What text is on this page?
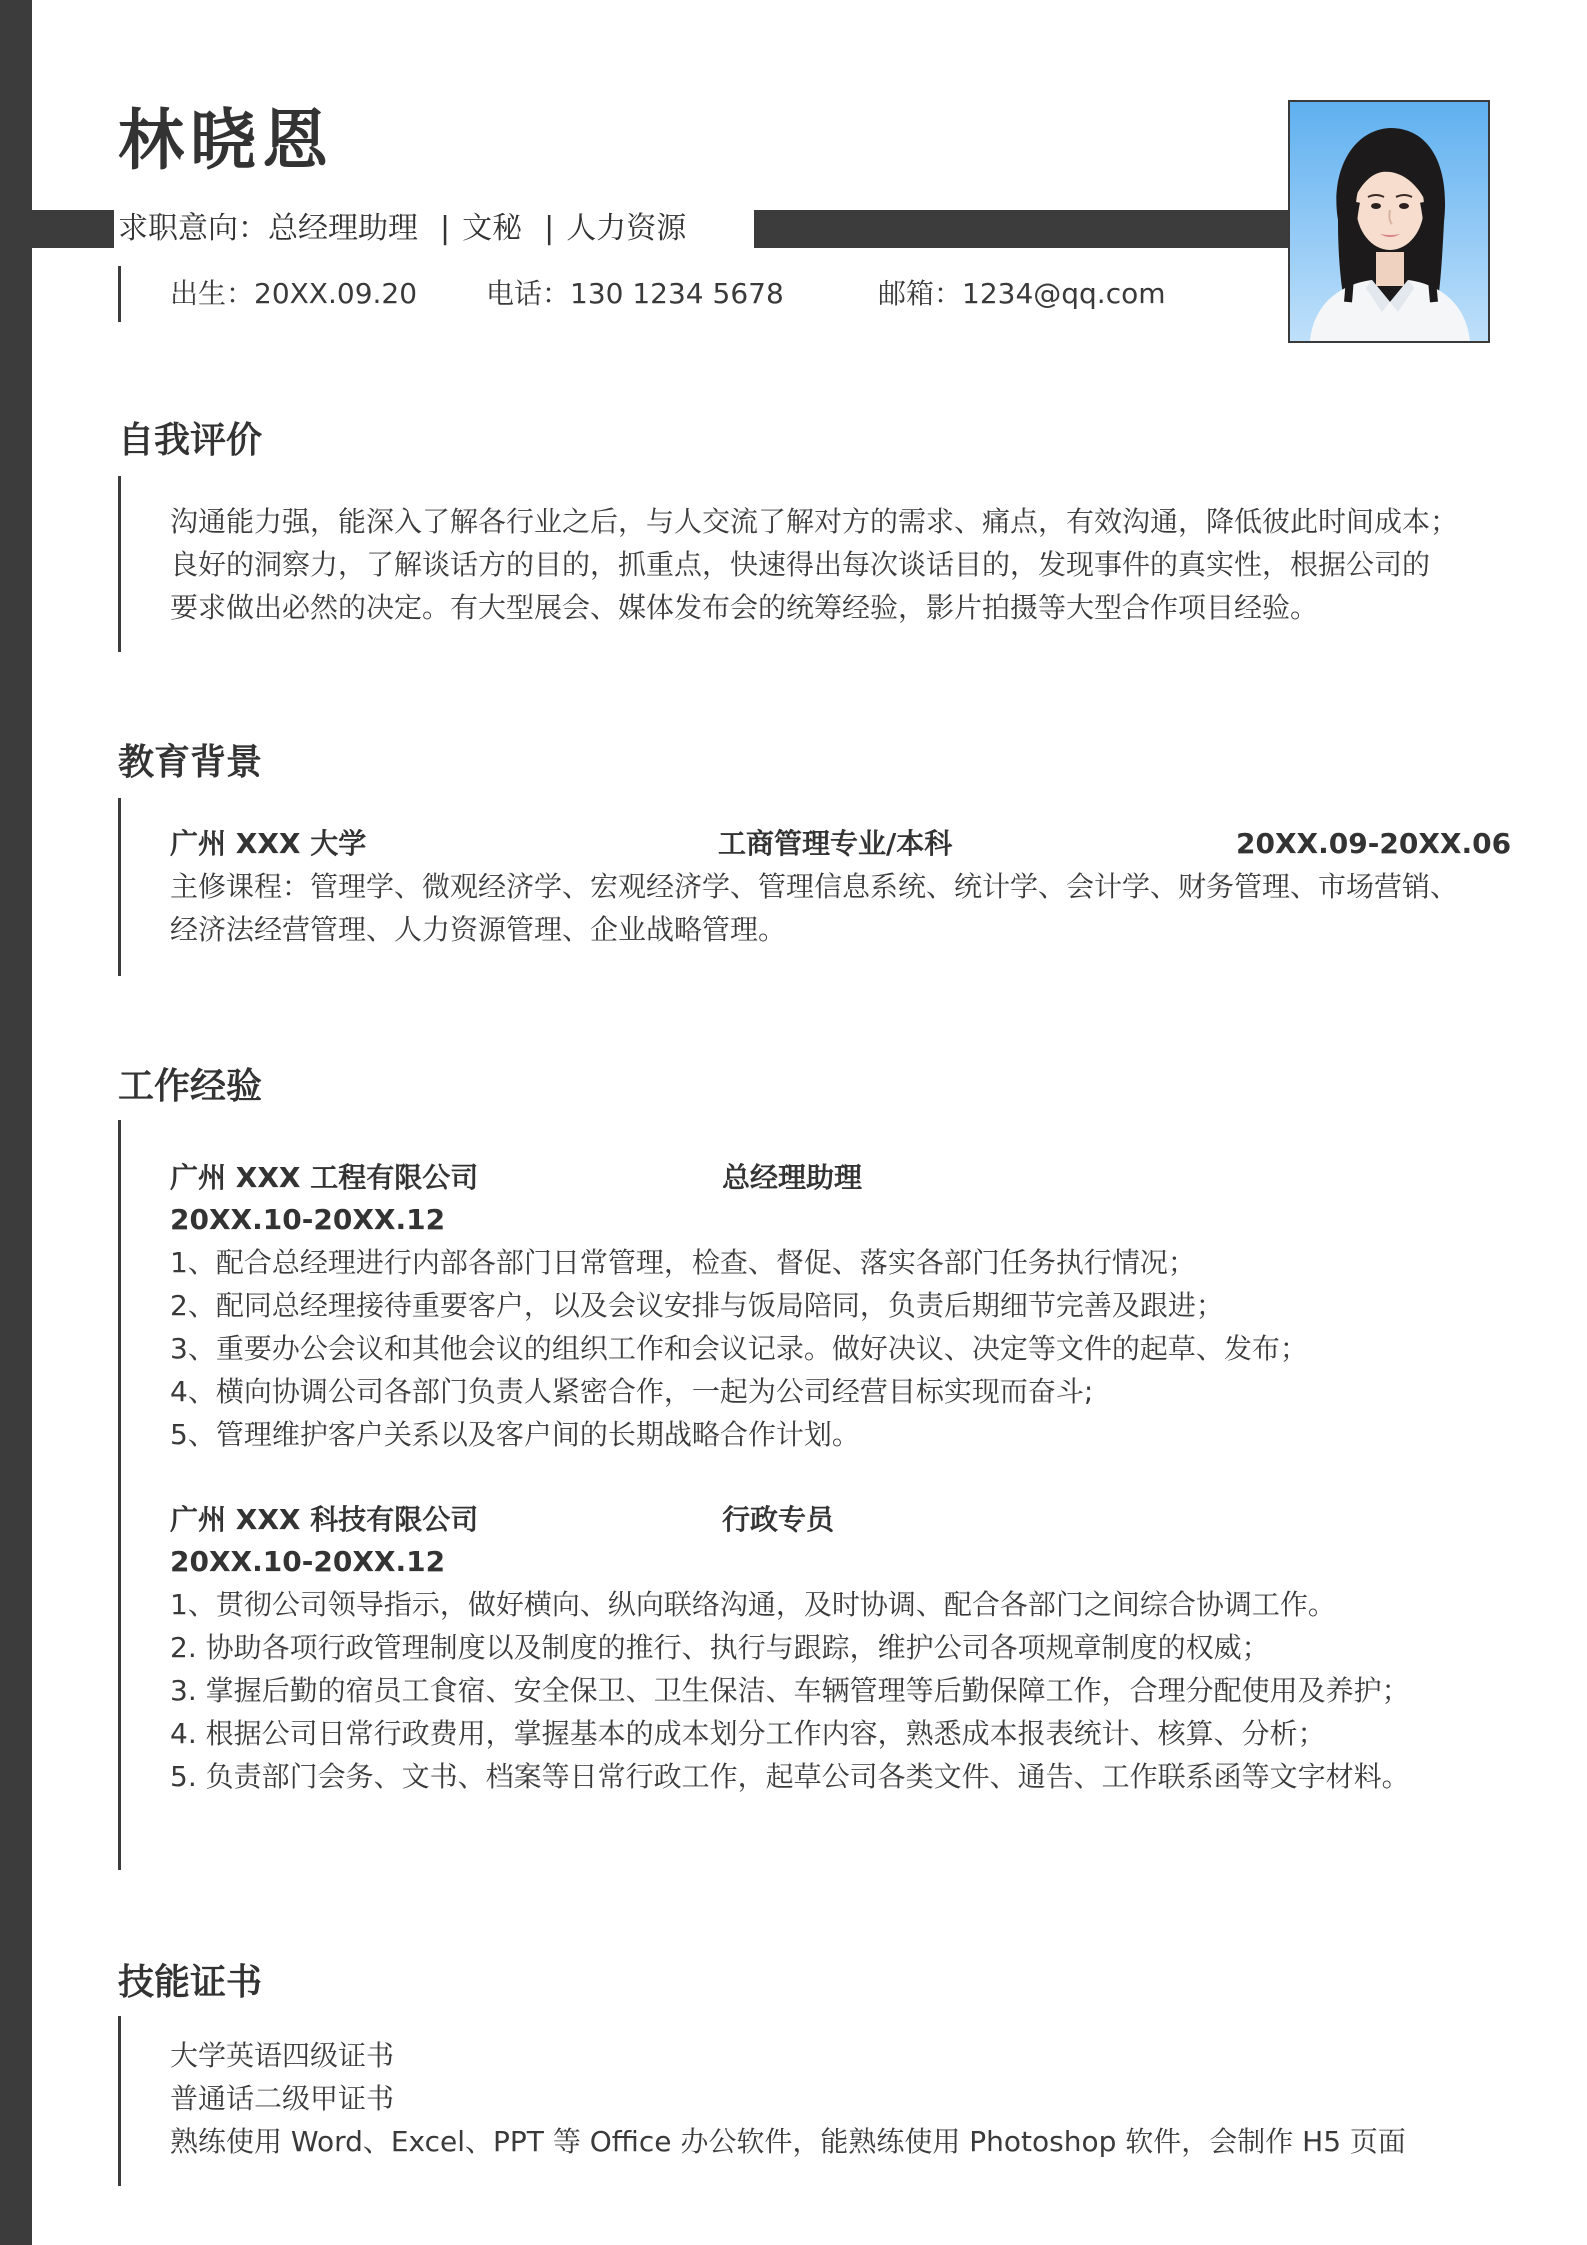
林晓恩
求职意向：总经理助理 | 文秘 | 人力资源
出生：20XX.09.20 电话：130 1234 5678	邮箱：1234@qq.com
自我评价
沟通能力强，能深入了解各行业之后，与人交流了解对方的需求、痛点，有效沟通，降低彼此时间成本；
良好的洞察力，了解谈话方的目的，抓重点，快速得出每次谈话目的，发现事件的真实性，根据公司的
要求做出必然的决定。有大型展会、媒体发布会的统筹经验，影片拍摄等大型合作项目经验。
教育背景
广州 XXX 大学	工商管理专业/本科	20XX.09-20XX.06
主修课程：管理学、微观经济学、宏观经济学、管理信息系统、统计学、会计学、财务管理、市场营销、
经济法经营管理、人力资源管理、企业战略管理。
工作经验
广州 XXX 工程有限公司	总经理助理
20XX.10-20XX.12
1、配合总经理进行内部各部门日常管理，检查、督促、落实各部门任务执行情况；
2、配同总经理接待重要客户，以及会议安排与饭局陪同，负责后期细节完善及跟进；
3、重要办公会议和其他会议的组织工作和会议记录。做好决议、决定等文件的起草、发布；
4、横向协调公司各部门负责人紧密合作，一起为公司经营目标实现而奋斗;
5、管理维护客户关系以及客户间的长期战略合作计划。
广州 XXX 科技有限公司	行政专员
20XX.10-20XX.12
1、贯彻公司领导指示，做好横向、纵向联络沟通，及时协调、配合各部门之间综合协调工作。
2. 协助各项行政管理制度以及制度的推行、执行与跟踪，维护公司各项规章制度的权威；
3. 掌握后勤的宿员工食宿、安全保卫、卫生保洁、车辆管理等后勤保障工作，合理分配使用及养护；
4. 根据公司日常行政费用，掌握基本的成本划分工作内容，熟悉成本报表统计、核算、分析；
5. 负责部门会务、文书、档案等日常行政工作，起草公司各类文件、通告、工作联系函等文字材料。
技能证书
大学英语四级证书
普通话二级甲证书
熟练使用 Word、Excel、PPT 等 Office 办公软件，能熟练使用 Photoshop 软件，会制作 H5 页面
